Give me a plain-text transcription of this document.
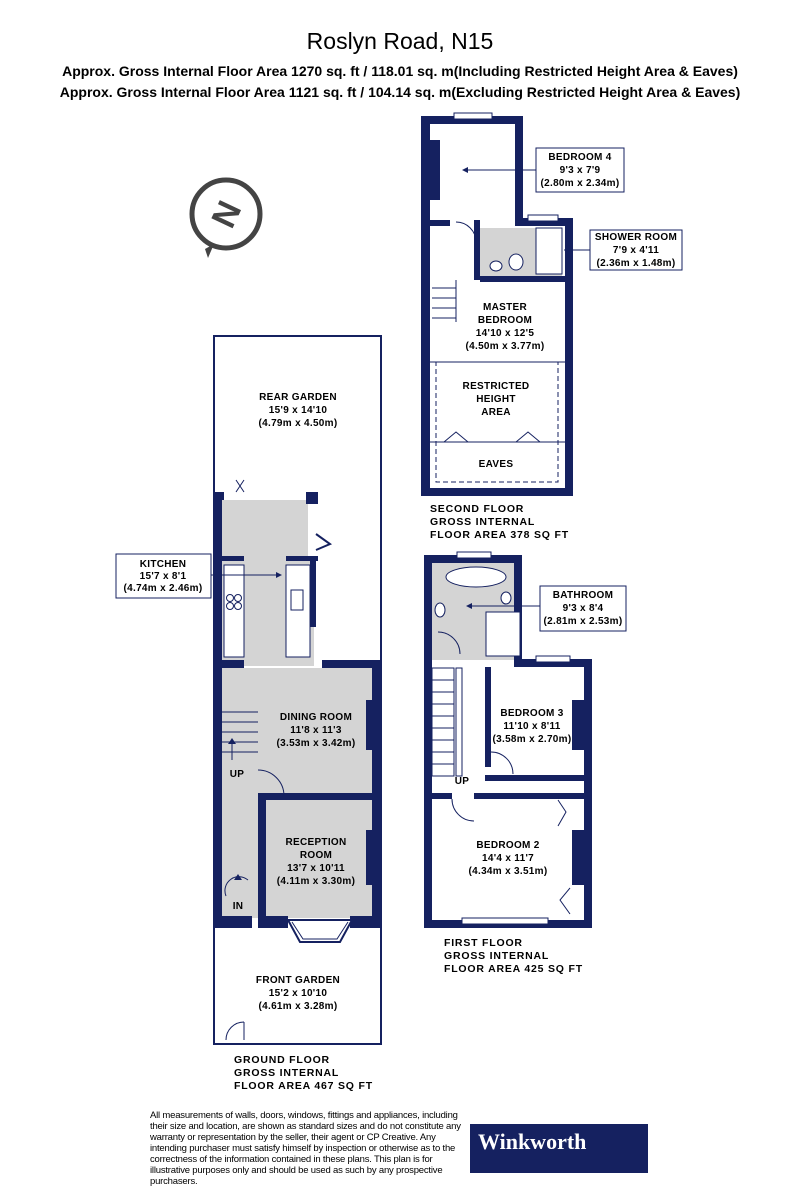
Roslyn Road, N15
Approx. Gross Internal Floor Area 1270 sq. ft / 118.01 sq. m(Including Restricted Height Area & Eaves)
Approx. Gross Internal Floor Area 1121 sq. ft / 104.14 sq. m(Excluding Restricted Height Area & Eaves)
N
REAR GARDEN
15'9 x 14'10
(4.79m x 4.50m)
KITCHEN
15'7 x 8'1
(4.74m x 2.46m)
DINING ROOM
11'8 x 11'3
(3.53m x 3.42m)
RECEPTION
ROOM
13'7 x 10'11
(4.11m x 3.30m)
FRONT GARDEN
15'2 x 10'10
(4.61m x 3.28m)
UP
IN
BATHROOM
9'3 x 8'4
(2.81m x 2.53m)
BEDROOM 3
11'10 x 8'11
(3.58m x 2.70m)
BEDROOM 2
14'4 x 11'7
(4.34m x 3.51m)
UP
BEDROOM 4
9'3 x 7'9
(2.80m x 2.34m)
SHOWER ROOM
7'9 x 4'11
(2.36m x 1.48m)
MASTER
BEDROOM
14'10 x 12'5
(4.50m x 3.77m)
RESTRICTED
HEIGHT
AREA
EAVES
GROUND FLOOR
GROSS INTERNAL
FLOOR AREA 467 SQ FT
FIRST FLOOR
GROSS INTERNAL
FLOOR AREA 425 SQ FT
SECOND FLOOR
GROSS INTERNAL
FLOOR AREA 378 SQ FT
All measurements of walls, doors, windows, fittings and appliances, including their size and location, are shown as standard sizes and do not constitute any warranty or representation by the seller, their agent or CP Creative. Any intending purchaser must satisfy himself by inspection or otherwise as to the correctness of the information contained in these plans. This plan is for illustrative purposes only and should be used as such by any prospective purchasers.
Winkworth
